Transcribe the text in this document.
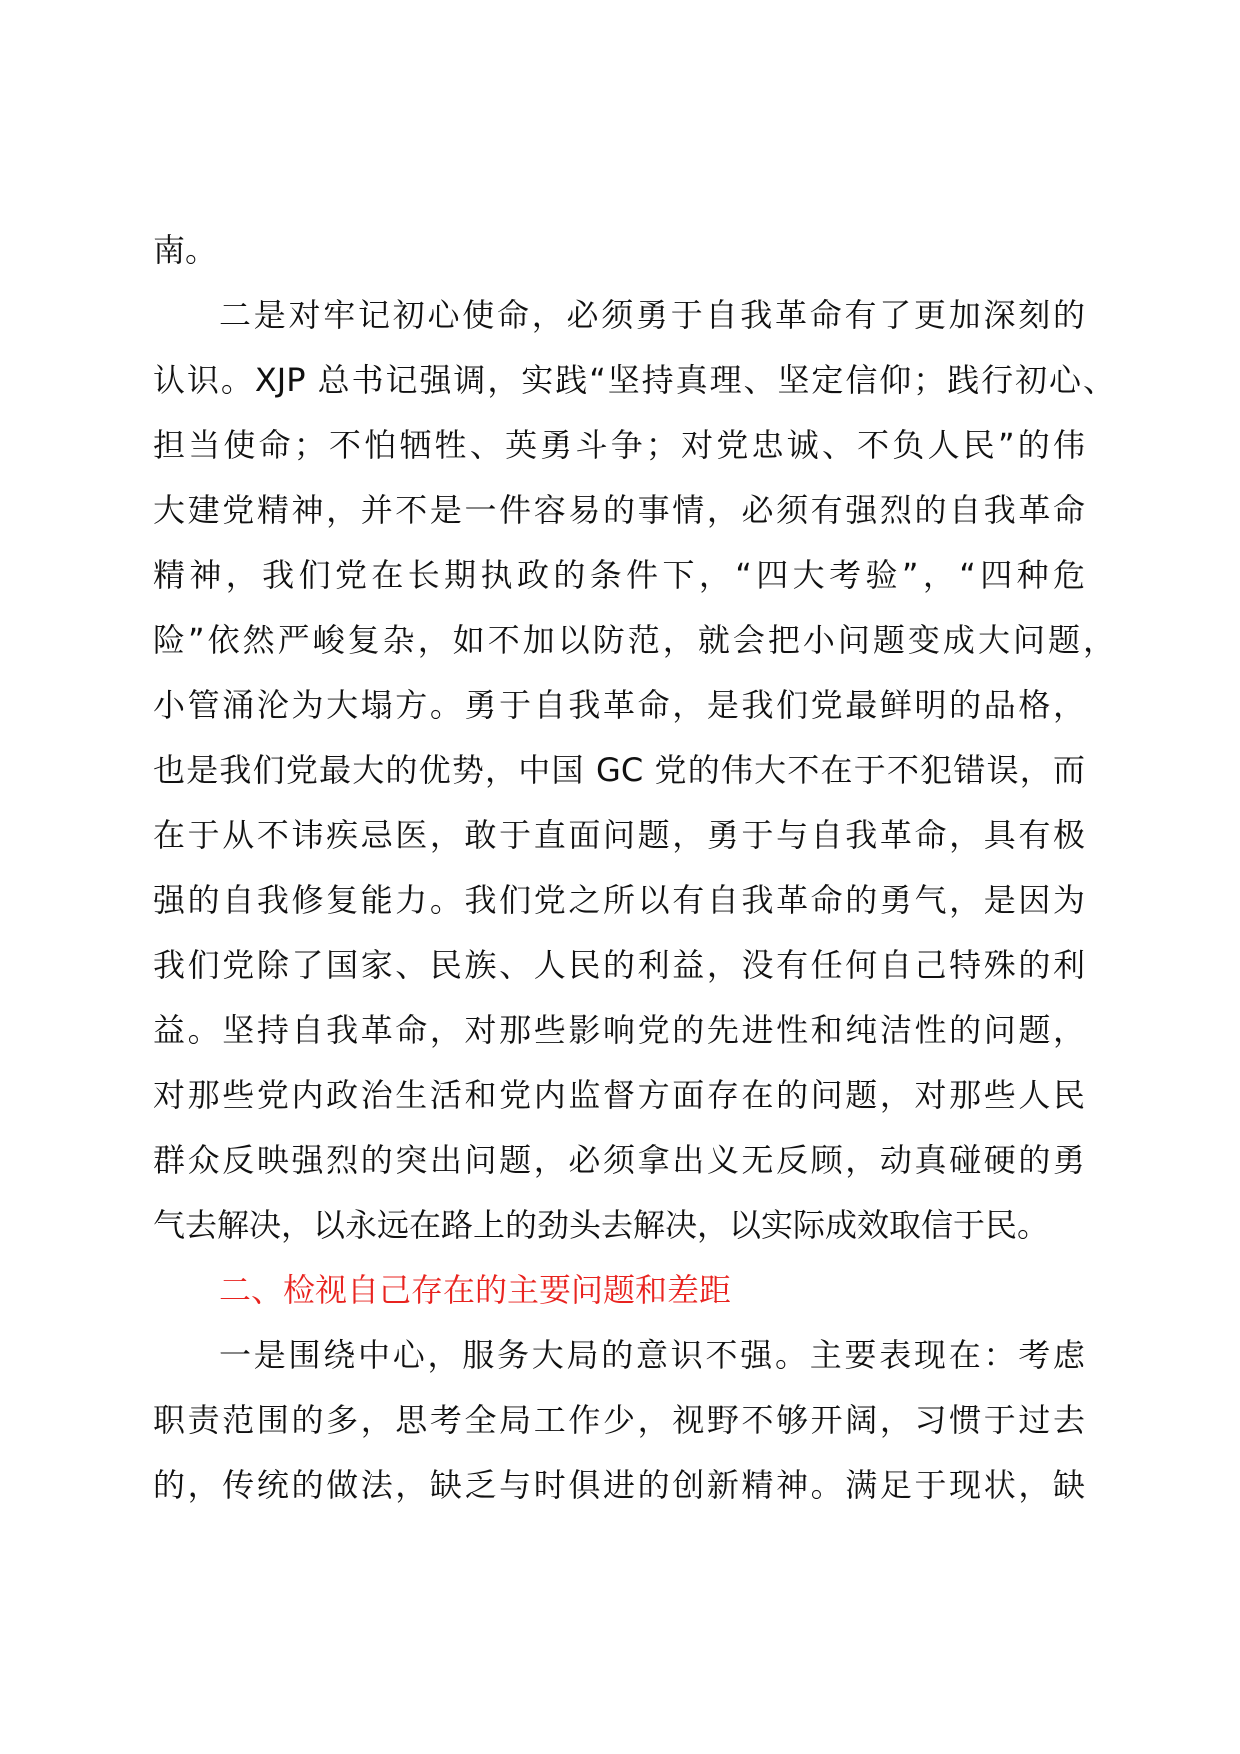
南。
二是对牢记初心使命，必须勇于自我革命有了更加深刻的
认识。XJP 总书记强调，实践“坚持真理、坚定信仰；践行初心、
担当使命；不怕牺牲、英勇斗争；对党忠诚、不负人民”的伟
大建党精神，并不是一件容易的事情，必须有强烈的自我革命
精神，我们党在长期执政的条件下，“四大考验”，“四种危
险”依然严峻复杂，如不加以防范，就会把小问题变成大问题，
小管涌沦为大塌方。勇于自我革命，是我们党最鲜明的品格，
也是我们党最大的优势，中国 GC 党的伟大不在于不犯错误，而
在于从不讳疾忌医，敢于直面问题，勇于与自我革命，具有极
强的自我修复能力。我们党之所以有自我革命的勇气，是因为
我们党除了国家、民族、人民的利益，没有任何自己特殊的利
益。坚持自我革命，对那些影响党的先进性和纯洁性的问题，
对那些党内政治生活和党内监督方面存在的问题，对那些人民
群众反映强烈的突出问题，必须拿出义无反顾，动真碰硬的勇
气去解决，以永远在路上的劲头去解决，以实际成效取信于民。
二、检视自己存在的主要问题和差距
一是围绕中心，服务大局的意识不强。主要表现在：考虑
职责范围的多，思考全局工作少，视野不够开阔，习惯于过去
的，传统的做法，缺乏与时俱进的创新精神。满足于现状，缺
